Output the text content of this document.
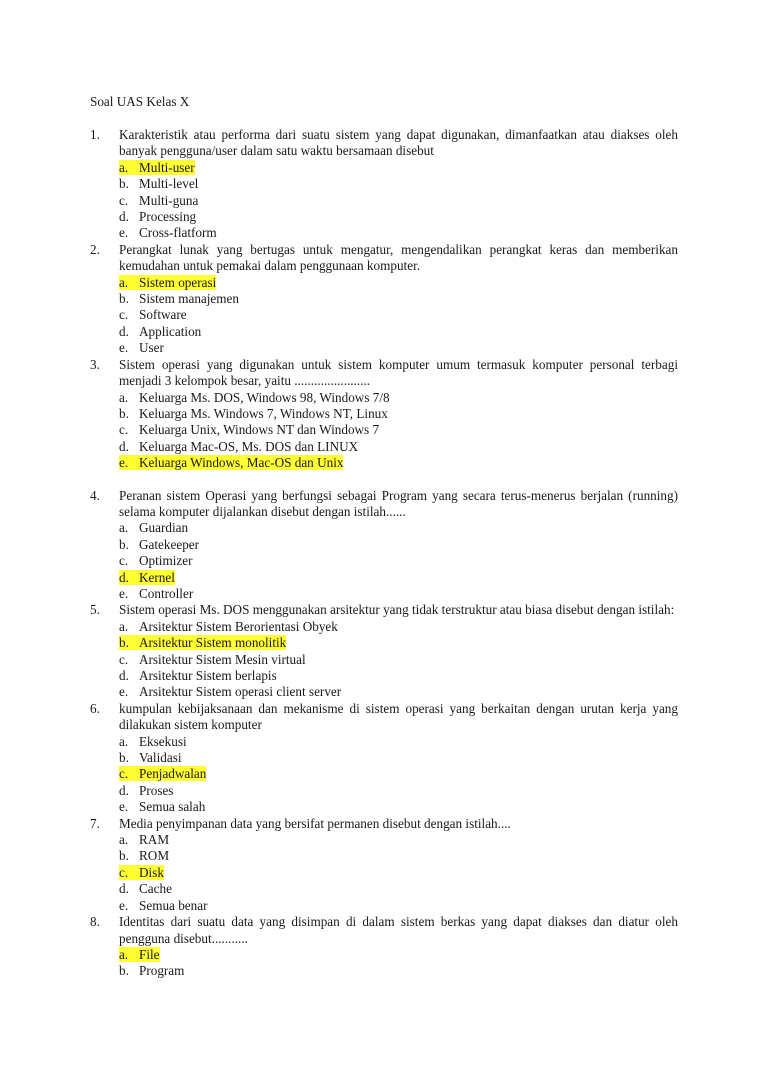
Soal UAS Kelas X
1. Karakteristik atau performa dari suatu sistem yang dapat digunakan, dimanfaatkan atau diakses oleh banyak pengguna/user dalam satu waktu bersamaan disebut
a. Multi-user
b. Multi-level
c. Multi-guna
d. Processing
e. Cross-flatform
2. Perangkat lunak yang bertugas untuk mengatur, mengendalikan perangkat keras dan memberikan kemudahan untuk pemakai dalam penggunaan komputer.
a. Sistem operasi
b. Sistem manajemen
c. Software
d. Application
e. User
3. Sistem operasi yang digunakan untuk sistem komputer umum termasuk komputer personal terbagi menjadi 3 kelompok besar, yaitu .......................
a. Keluarga Ms. DOS, Windows 98, Windows 7/8
b. Keluarga Ms. Windows 7, Windows NT, Linux
c. Keluarga Unix, Windows NT dan Windows 7
d. Keluarga Mac-OS, Ms. DOS dan LINUX
e. Keluarga Windows, Mac-OS dan Unix
4. Peranan sistem Operasi yang berfungsi sebagai Program yang secara terus-menerus berjalan (running) selama komputer dijalankan disebut dengan istilah......
a. Guardian
b. Gatekeeper
c. Optimizer
d. Kernel
e. Controller
5. Sistem operasi Ms. DOS menggunakan arsitektur yang tidak terstruktur atau biasa disebut dengan istilah:
a. Arsitektur Sistem Berorientasi Obyek
b. Arsitektur Sistem monolitik
c. Arsitektur Sistem Mesin virtual
d. Arsitektur Sistem berlapis
e. Arsitektur Sistem operasi client server
6. kumpulan kebijaksanaan dan mekanisme di sistem operasi yang berkaitan dengan urutan kerja yang dilakukan sistem komputer
a. Eksekusi
b. Validasi
c. Penjadwalan
d. Proses
e. Semua salah
7. Media penyimpanan data yang bersifat permanen disebut dengan istilah....
a. RAM
b. ROM
c. Disk
d. Cache
e. Semua benar
8. Identitas dari suatu data yang disimpan di dalam sistem berkas yang dapat diakses dan diatur oleh pengguna disebut...........
a. File
b. Program
